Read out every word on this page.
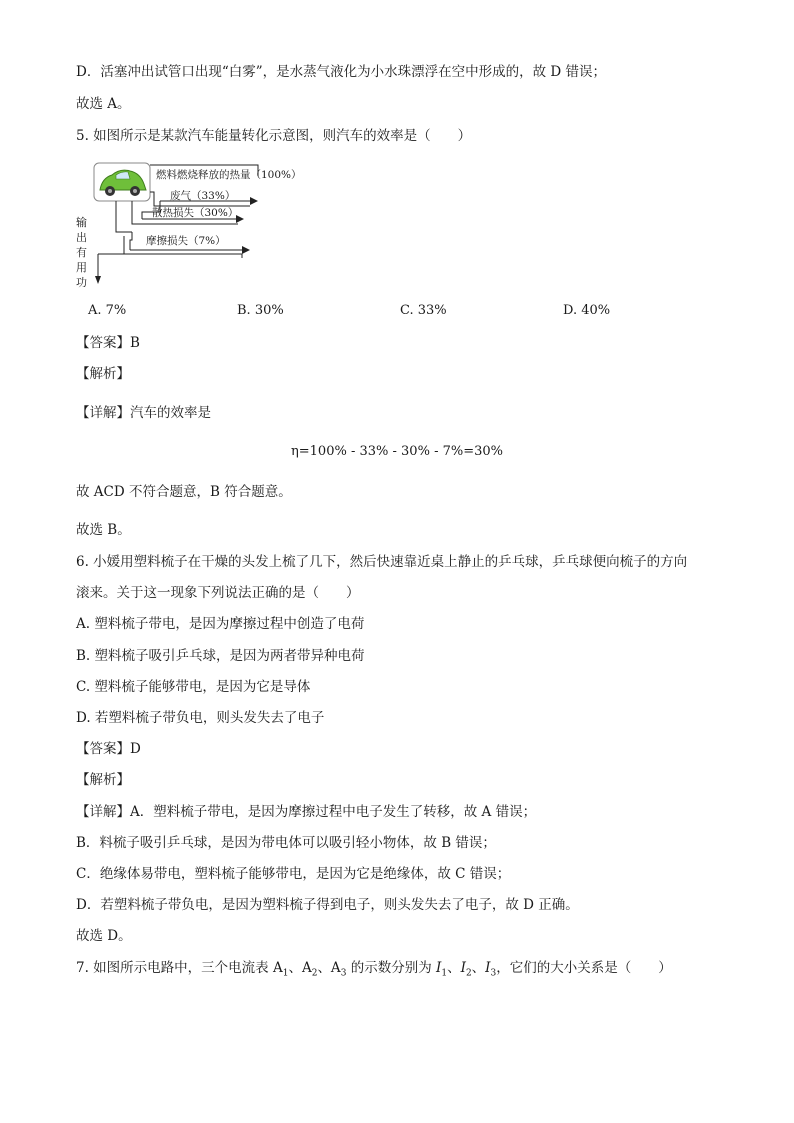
D．活塞冲出试管口出现“白雾”，是水蒸气液化为小水珠漂浮在空中形成的，故 D 错误；
故选 A。
5. 如图所示是某款汽车能量转化示意图，则汽车的效率是（　　）
燃料燃烧释放的热量（100%）
废气（33%）
散热损失（30%）
摩擦损失（7%）
输
出
有
用
功
A. 7%	B. 30%	C. 33%	D. 40%
【答案】B
【解析】
【详解】汽车的效率是
η=100% - 33% - 30% - 7%=30%
故 ACD 不符合题意，B 符合题意。
故选 B。
6. 小媛用塑料梳子在干燥的头发上梳了几下，然后快速靠近桌上静止的乒乓球，乒乓球便向梳子的方向
滚来。关于这一现象下列说法正确的是（　　）
A. 塑料梳子带电，是因为摩擦过程中创造了电荷
B. 塑料梳子吸引乒乓球，是因为两者带异种电荷
C. 塑料梳子能够带电，是因为它是导体
D. 若塑料梳子带负电，则头发失去了电子
【答案】D
【解析】
【详解】A．塑料梳子带电，是因为摩擦过程中电子发生了转移，故 A 错误；
B．料梳子吸引乒乓球，是因为带电体可以吸引轻小物体，故 B 错误；
C．绝缘体易带电，塑料梳子能够带电，是因为它是绝缘体，故 C 错误；
D．若塑料梳子带负电，是因为塑料梳子得到电子，则头发失去了电子，故 D 正确。
故选 D。
7. 如图所示电路中，三个电流表 $A_1$、$A_2$、$A_3$ 的示数分别为 $I_1$、$I_2$、$I_3$，它们的大小关系是（　　）
